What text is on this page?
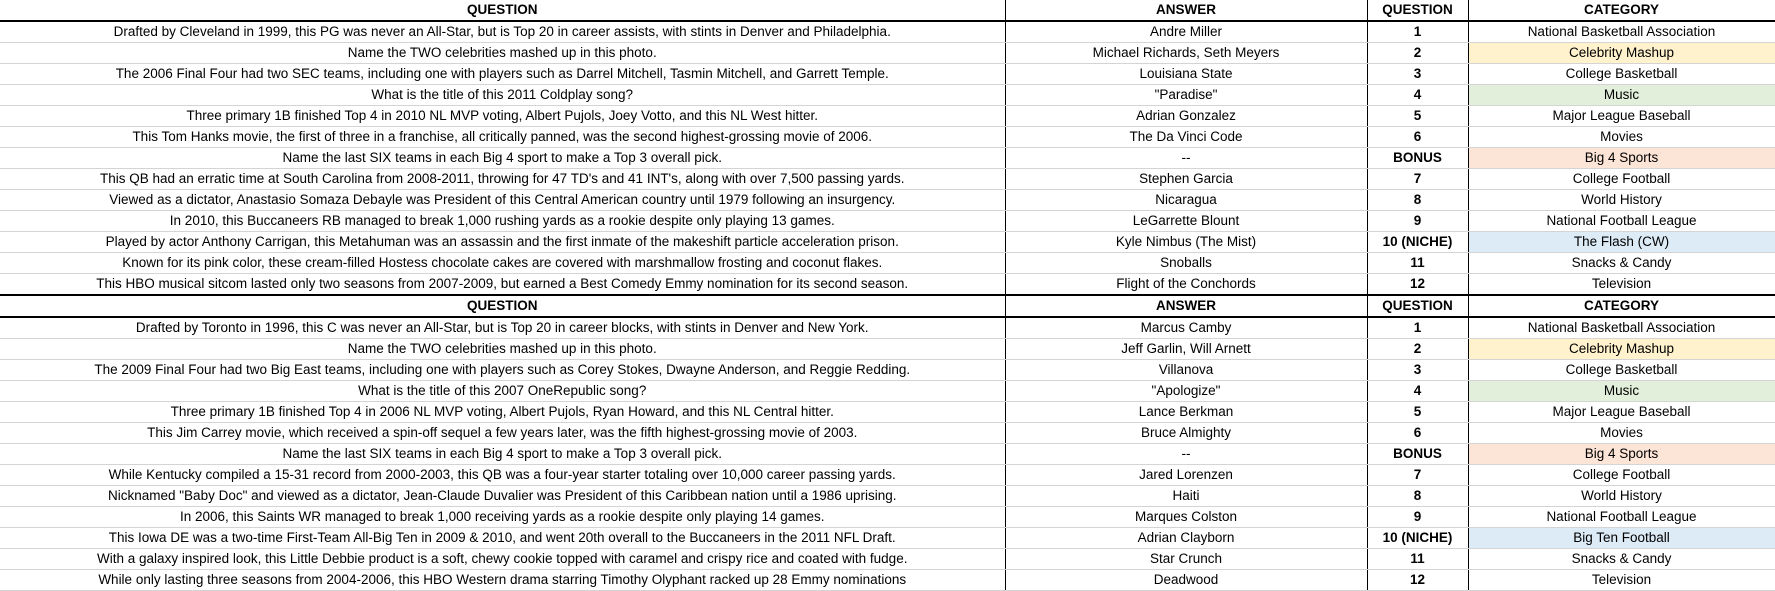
QUESTION	ANSWER	QUESTION	CATEGORY
Drafted by Cleveland in 1999, this PG was never an All-Star, but is Top 20 in career assists, with stints in Denver and Philadelphia.	Andre Miller	1	National Basketball Association
Name the TWO celebrities mashed up in this photo.	Michael Richards, Seth Meyers	2	Celebrity Mashup
The 2006 Final Four had two SEC teams, including one with players such as Darrel Mitchell, Tasmin Mitchell, and Garrett Temple.	Louisiana State	3	College Basketball
What is the title of this 2011 Coldplay song?	"Paradise"	4	Music
Three primary 1B finished Top 4 in 2010 NL MVP voting, Albert Pujols, Joey Votto, and this NL West hitter.	Adrian Gonzalez	5	Major League Baseball
This Tom Hanks movie, the first of three in a franchise, all critically panned, was the second highest-grossing movie of 2006.	The Da Vinci Code	6	Movies
Name the last SIX teams in each Big 4 sport to make a Top 3 overall pick.	--	BONUS	Big 4 Sports
This QB had an erratic time at South Carolina from 2008-2011, throwing for 47 TD's and 41 INT's, along with over 7,500 passing yards.	Stephen Garcia	7	College Football
Viewed as a dictator, Anastasio Somaza Debayle was President of this Central American country until 1979 following an insurgency.	Nicaragua	8	World History
In 2010, this Buccaneers RB managed to break 1,000 rushing yards as a rookie despite only playing 13 games.	LeGarrette Blount	9	National Football League
Played by actor Anthony Carrigan, this Metahuman was an assassin and the first inmate of the makeshift particle acceleration prison.	Kyle Nimbus (The Mist)	10 (NICHE)	The Flash (CW)
Known for its pink color, these cream-filled Hostess chocolate cakes are covered with marshmallow frosting and coconut flakes.	Snoballs	11	Snacks & Candy
This HBO musical sitcom lasted only two seasons from 2007-2009, but earned a Best Comedy Emmy nomination for its second season.	Flight of the Conchords	12	Television
QUESTION	ANSWER	QUESTION	CATEGORY
Drafted by Toronto in 1996, this C was never an All-Star, but is Top 20 in career blocks, with stints in Denver and New York.	Marcus Camby	1	National Basketball Association
Name the TWO celebrities mashed up in this photo.	Jeff Garlin, Will Arnett	2	Celebrity Mashup
The 2009 Final Four had two Big East teams, including one with players such as Corey Stokes, Dwayne Anderson, and Reggie Redding.	Villanova	3	College Basketball
What is the title of this 2007 OneRepublic song?	"Apologize"	4	Music
Three primary 1B finished Top 4 in 2006 NL MVP voting, Albert Pujols, Ryan Howard, and this NL Central hitter.	Lance Berkman	5	Major League Baseball
This Jim Carrey movie, which received a spin-off sequel a few years later, was the fifth highest-grossing movie of 2003.	Bruce Almighty	6	Movies
Name the last SIX teams in each Big 4 sport to make a Top 3 overall pick.	--	BONUS	Big 4 Sports
While Kentucky compiled a 15-31 record from 2000-2003, this QB was a four-year starter totaling over 10,000 career passing yards.	Jared Lorenzen	7	College Football
Nicknamed "Baby Doc" and viewed as a dictator, Jean-Claude Duvalier was President of this Caribbean nation until a 1986 uprising.	Haiti	8	World History
In 2006, this Saints WR managed to break 1,000 receiving yards as a rookie despite only playing 14 games.	Marques Colston	9	National Football League
This Iowa DE was a two-time First-Team All-Big Ten in 2009 & 2010, and went 20th overall to the Buccaneers in the 2011 NFL Draft.	Adrian Clayborn	10 (NICHE)	Big Ten Football
With a galaxy inspired look, this Little Debbie product is a soft, chewy cookie topped with caramel and crispy rice and coated with fudge.	Star Crunch	11	Snacks & Candy
While only lasting three seasons from 2004-2006, this HBO Western drama starring Timothy Olyphant racked up 28 Emmy nominations	Deadwood	12	Television
